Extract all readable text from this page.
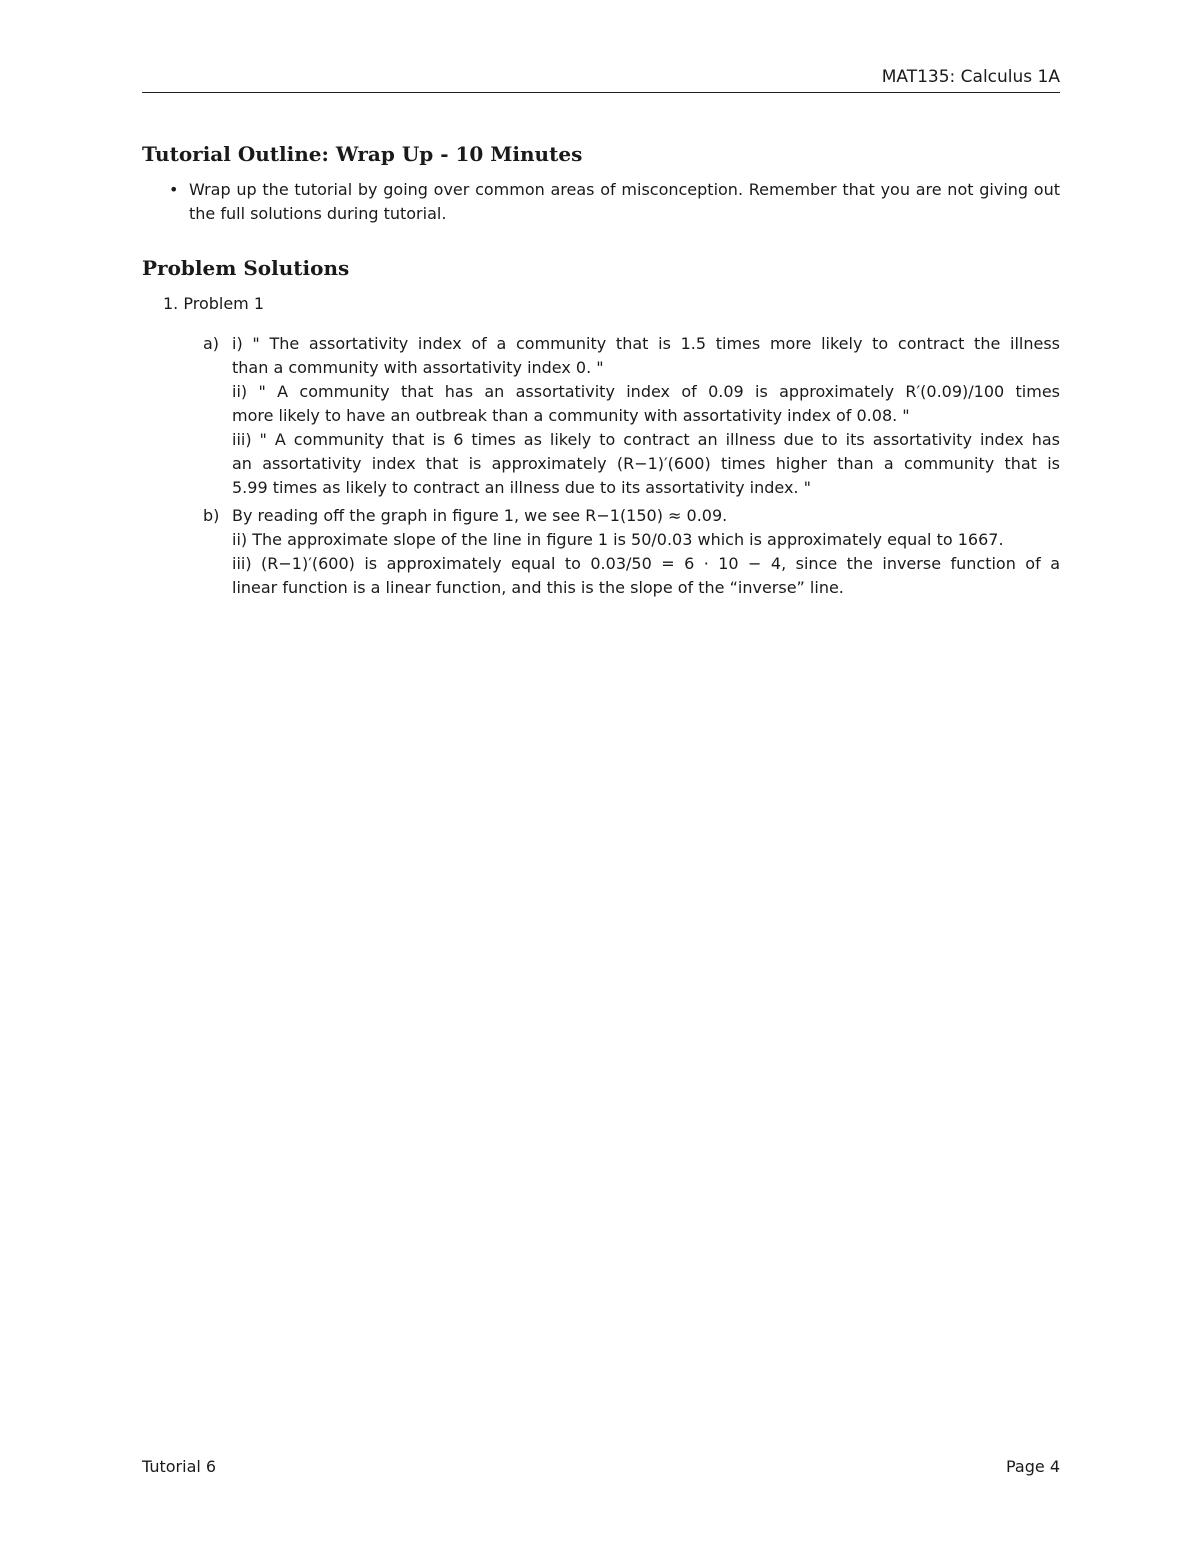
MAT135: Calculus 1A
Tutorial Outline: Wrap Up - 10 Minutes
• Wrap up the tutorial by going over common areas of misconception. Remember that you are not giving out the full solutions during tutorial.
Problem Solutions
1. Problem 1
a) i) " The assortativity index of a community that is 1.5 times more likely to contract the illness
than a community with assortativity index 0. "
ii) " A community that has an assortativity index of 0.09 is approximately R′(0.09)/100 times
more likely to have an outbreak than a community with assortativity index of 0.08. "
iii) " A community that is 6 times as likely to contract an illness due to its assortativity index has
an assortativity index that is approximately (R−1)′(600) times higher than a community that is
5.99 times as likely to contract an illness due to its assortativity index. "
b) By reading off the graph in figure 1, we see R−1(150) ≈ 0.09.
ii) The approximate slope of the line in figure 1 is 50/0.03 which is approximately equal to 1667.
iii) (R−1)′(600) is approximately equal to 0.03/50 = 6 · 10 − 4, since the inverse function of a
linear function is a linear function, and this is the slope of the “inverse” line.
Tutorial 6	Page 4
